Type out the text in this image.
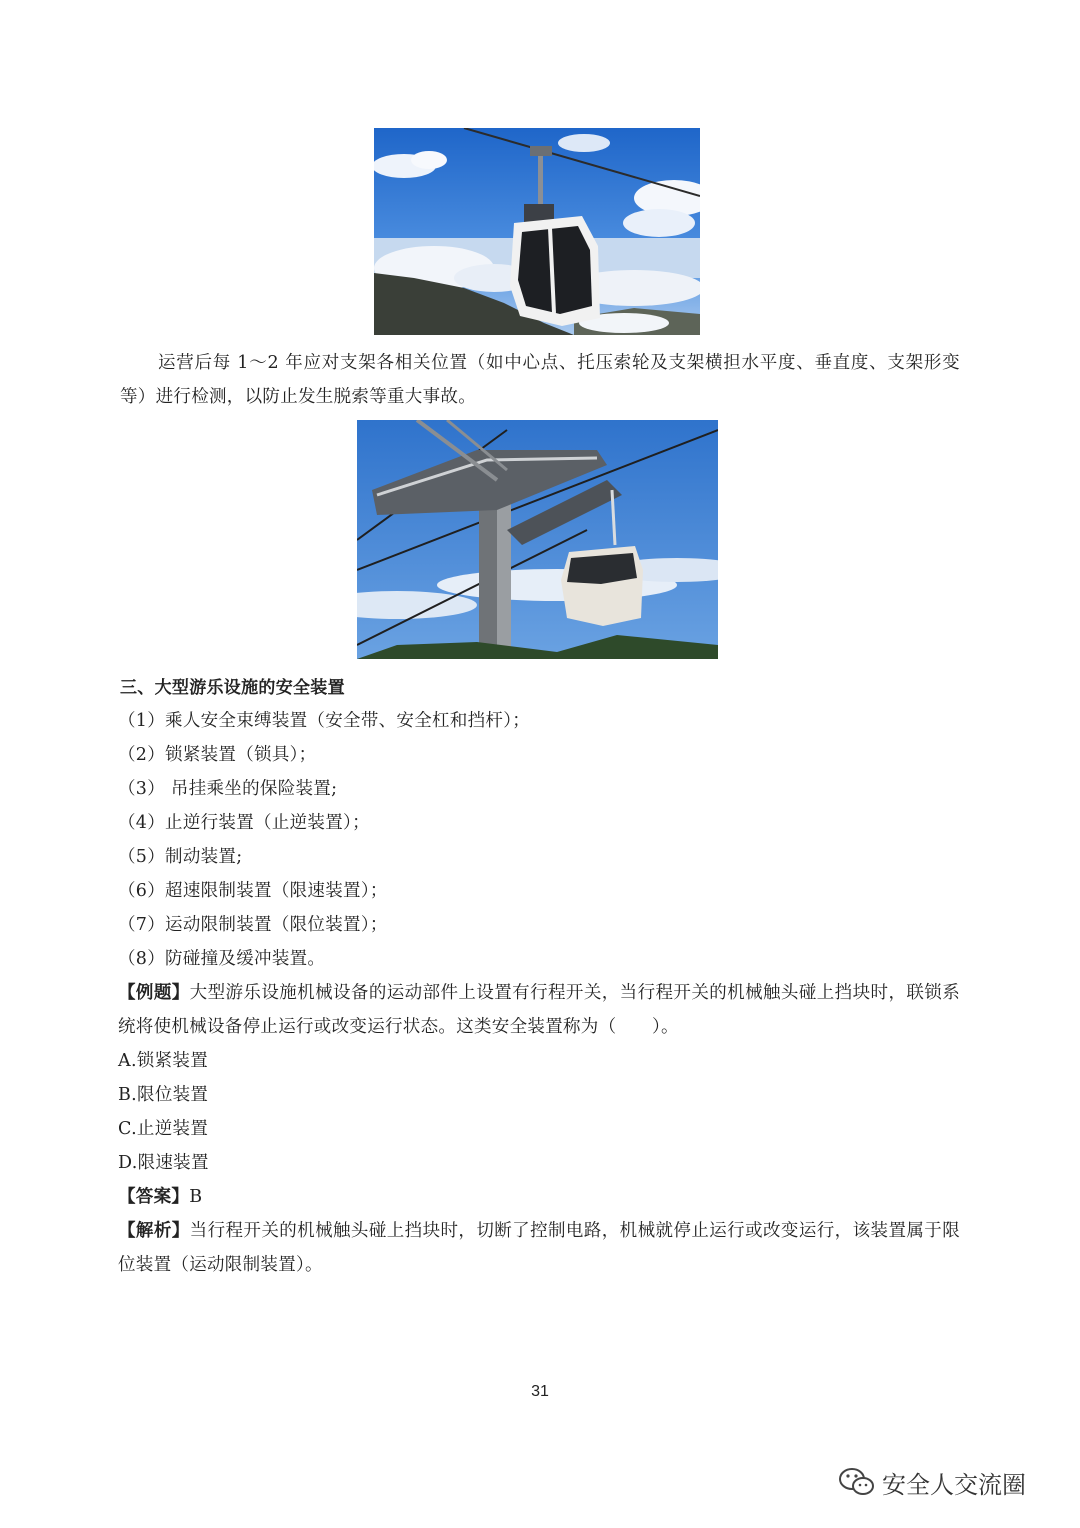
运营后每 1～2 年应对支架各相关位置（如中心点、托压索轮及支架横担水平度、垂直度、支架形变等）进行检测，以防止发生脱索等重大事故。
三、大型游乐设施的安全装置
（1）乘人安全束缚装置（安全带、安全杠和挡杆）；
（2）锁紧装置（锁具）；
（3） 吊挂乘坐的保险装置;
（4）止逆行装置（止逆装置）；
（5）制动装置;
（6）超速限制装置（限速装置）；
（7）运动限制装置（限位装置）；
（8）防碰撞及缓冲装置。
【例题】大型游乐设施机械设备的运动部件上设置有行程开关，当行程开关的机械触头碰上挡块时，联锁系统将使机械设备停止运行或改变运行状态。这类安全装置称为（　　）。
A.锁紧装置
B.限位装置
C.止逆装置
D.限速装置
【答案】B
【解析】当行程开关的机械触头碰上挡块时，切断了控制电路，机械就停止运行或改变运行，该装置属于限位装置（运动限制装置）。
31
安全人交流圈
